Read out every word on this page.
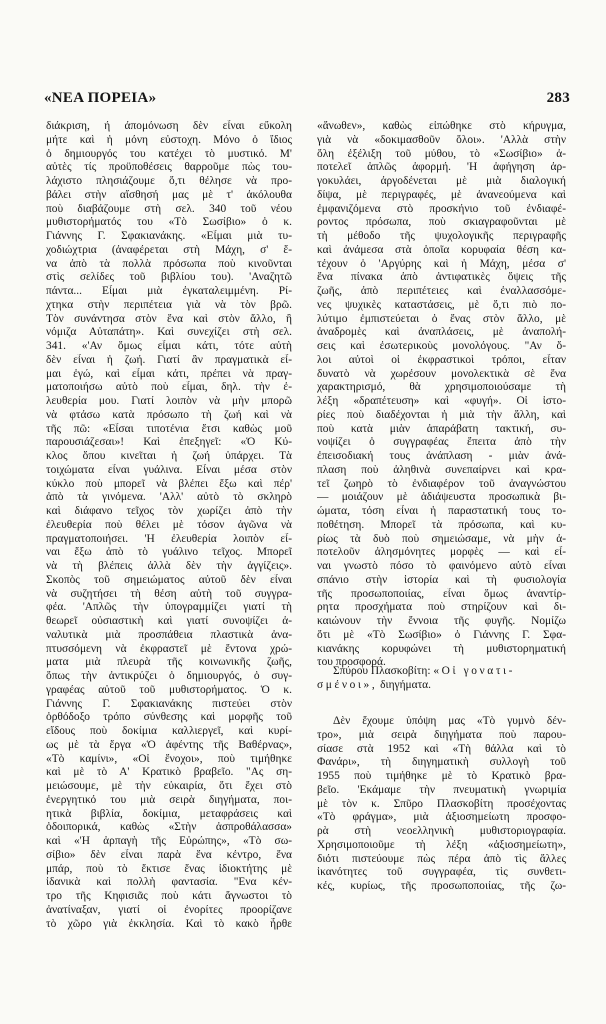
«ΝΕΑ ΠΟΡΕΙΑ»	283
διάκριση, ή άπομόνωση δὲν εἶναι εὔκολη
μήτε καὶ ἡ μόνη εὐστοχη. Μόνο ὁ ἴδιος
ὁ δημιουργός του κατέχει τὸ μυστικό. Μ'
αὐτὲς τίς προϋποθέσεις θαρροῦμε πὼς του-
λάχιστο πλησιάζουμε ὅ,τι θέλησε νὰ προ-
βάλει στὴν αἴσθησή μας μὲ τ' ἀκόλουθα
ποὺ διαβάζουμε στὴ σελ. 340 τοῦ νέου
μυθιστορήματός του «Τὸ Σωσίβιο» ὁ κ.
Γιάννης Γ. Σφακιανάκης. «Εἶμαι μιὰ τυ-
χοδιώχτρια (ἀναφέρεται στὴ Μάχη, σ' ἕ-
να ἀπὸ τὰ πολλὰ πρόσωπα ποὺ κινοῦνται
στὶς σελίδες τοῦ βιβλίου του). 'Αναζητῶ
πάντα... Εἶμαι μιὰ ἐγκαταλειμμένη. Ρί-
χτηκα στὴν περιπέτεια γιὰ νὰ τὸν βρῶ.
Τὸν συνάντησα στὸν ἕνα καὶ στὸν ἄλλο, ἢ
νόμιζα Αὐταπάτη». Καὶ συνεχίζει στὴ σελ.
341. «'Αν ὅμως εἶμαι κάτι, τότε αὐτὴ
δὲν εἶναι ἡ ζωή. Γιατί ἂν πραγματικὰ εἶ-
μαι ἐγώ, καὶ εἶμαι κάτι, πρέπει νὰ πραγ-
ματοποιήσω αὐτὸ ποὺ εἶμαι, δηλ. τὴν ἐ-
λευθερία μου. Γιατί λοιπὸν νὰ μὴν μπορῶ
νὰ φτάσω κατὰ πρόσωπο τὴ ζωή καὶ νὰ
τῆς πῶ: «Εἶσαι τιποτένια ἔτσι καθὼς μοῦ
παρουσιάζεσαι»! Καὶ ἐπεξηγεῖ: «Ὁ Κύ-
κλος ὅπου κινεῖται ἡ ζωή ὑπάρχει. Τὰ
τοιχώματα εἶναι γυάλινα. Εἶναι μέσα στὸν
κύκλο ποὺ μπορεῖ νὰ βλέπει ἔξω καὶ πέρ'
ἀπὸ τὰ γινόμενα. 'Αλλ' αὐτὸ τὸ σκληρὸ
καὶ διάφανο τεῖχος τὸν χωρίζει ἀπὸ τὴν
ἐλευθερία ποὺ θέλει μὲ τόσον ἀγῶνα νὰ
πραγματοποιήσει. 'Η ἐλευθερία λοιπὸν εἶ-
ναι ἔξω ἀπὸ τὸ γυάλινο τεῖχος. Μπορεῖ
νὰ τὴ βλέπεις ἀλλὰ δὲν τὴν ἀγγίζεις».
Σκοπὸς τοῦ σημειώματος αὐτοῦ δὲν εἶναι
νὰ συζητήσει τὴ θέση αὐτὴ τοῦ συγγρα-
φέα. 'Απλῶς τὴν ὑπογραμμίζει γιατί τὴ
θεωρεῖ οὐσιαστικὴ καὶ γιατί συνοψίζει ἀ-
ναλυτικὰ μιὰ προσπάθεια πλαστικὰ ἀνα-
πτυσσόμενη νὰ ἐκφραστεῖ μὲ ἔντονα χρώ-
ματα μιὰ πλευρὰ τῆς κοινωνικῆς ζωῆς,
ὅπως τὴν ἀντικρύζει ὁ δημιουργός, ὁ συγ-
γραφέας αὐτοῦ τοῦ μυθιστορήματος. Ὁ κ.
Γιάννης Γ. Σφακιανάκης πιστεύει στὸν
ὀρθόδοξο τρόπο σύνθεσης καὶ μορφῆς τοῦ
εἴδους ποὺ δοκίμια καλλιεργεῖ, καὶ κυρί-
ως μὲ τὰ ἔργα «Ὁ ἀφέντης τῆς Βαθέρνας»,
«Τὸ καμίνι», «Οἱ ἔνοχοι», ποὺ τιμήθηκε
καὶ μὲ τὸ Α' Κρατικὸ βραβεῖο. "Ας ση-
μειώσουμε, μὲ τὴν εὐκαιρία, ὅτι ἔχει στὸ
ἐνεργητικό του μιὰ σειρὰ διηγήματα, ποι-
ητικὰ βιβλία, δοκίμια, μεταφράσεις καὶ
ὁδοιπορικά, καθὼς «Στὴν ἀσπροθάλασσα»
καὶ «'Η ἁρπαγὴ τῆς Εὐρώπης», «Τὸ σω-
σίβιο» δὲν εἶναι παρὰ ἕνα κέντρο, ἕνα
μπάρ, ποὺ τὸ ἔκτισε ἕνας ἰδιοκτήτης μὲ
ἰδανικὰ καὶ πολλὴ φαντασία. "Ενα κέν-
τρο τῆς Κηφισιᾶς ποὺ κάτι ἄγνωστοι τὸ
ἀνατίναξαν, γιατί οἱ ἐνορίτες προορίζανε
τὸ χῶρο γιὰ ἐκκλησία. Καὶ τὸ κακὸ ἦρθε
«ἄνωθεν», καθὼς εἰπώθηκε στὸ κήρυγμα,
γιὰ νὰ «δοκιμασθοῦν ὅλοι». 'Αλλὰ στὴν
ὅλη ἐξέλιξη τοῦ μύθου, τὸ «Σωσίβιο» ἀ-
ποτελεῖ ἁπλῶς ἀφορμή. 'Η ἀφήγηση ἀρ-
γοκυλάει, ἀργοδένεται μὲ μιὰ διαλογική
δίψα, μὲ περιγραφές, μὲ ἀνανεούμενα καὶ
ἐμφανιζόμενα στὸ προσκήνιο τοῦ ἐνδιαφέ-
ροντος πρόσωπα, ποὺ σκιαγραφοῦνται μὲ
τὴ μέθοδο τῆς ψυχολογικῆς περιγραφῆς
καὶ ἀνάμεσα στὰ ὁποῖα κορυφαία θέση κα-
τέχουν ὁ 'Αργύρης καὶ ἡ Μάχη, μέσα σ'
ἕνα πίνακα ἀπὸ ἀντιφατικὲς ὄψεις τῆς
ζωῆς, ἀπὸ περιπέτειες καὶ ἐναλλασσόμε-
νες ψυχικὲς καταστάσεις, μὲ ὅ,τι πιὸ πο-
λύτιμο ἐμπιστεύεται ὁ ἕνας στὸν ἄλλο, μὲ
ἀναδρομὲς καὶ ἀναπλάσεις, μὲ ἀναπολή-
σεις καὶ ἐσωτερικοὺς μονολόγους. "Αν ὅ-
λοι αὐτοὶ οἱ ἐκφραστικοὶ τρόποι, εἶταν
δυνατὸ νὰ χωρέσουν μονολεκτικὰ σὲ ἕνα
χαρακτηρισμό, θὰ χρησιμοποιούσαμε τὴ
λέξη «δραπέτευση» καὶ «φυγή». Οἱ ἱστο-
ρίες ποὺ διαδέχονται ἡ μιὰ τὴν ἄλλη, καὶ
ποὺ κατὰ μιὰν ἀπαράβατη τακτική, συ-
νοψίζει ὁ συγγραφέας ἔπειτα ἀπὸ τὴν
ἐπεισοδιακή τους ἀνάπλαση - μιὰν ἀνά-
πλαση ποὺ ἀληθινὰ συνεπαίρνει καὶ κρα-
τεῖ ζωηρὸ τὸ ἐνδιαφέρον τοῦ ἀναγνώστου
— μοιάζουν μὲ ἀδιάψευστα προσωπικὰ βι-
ώματα, τόση εἶναι ἡ παραστατική τους το-
ποθέτηση. Μπορεῖ τὰ πρόσωπα, καὶ κυ-
ρίως τὰ δυὸ ποὺ σημειώσαμε, νὰ μὴν ἀ-
ποτελοῦν ἀλησμόνητες μορφὲς — καὶ εἶ-
ναι γνωστὸ πόσο τὸ φαινόμενο αὐτὸ εἶναι
σπάνιο στὴν ἱστορία καὶ τὴ φυσιολογία
τῆς προσωποποιίας, εἶναι ὅμως ἀναντίρ-
ρητα προσχήματα ποὺ στηρίζουν καὶ δι-
καιώνουν τὴν ἔννοια τῆς φυγῆς. Νομίζω
ὅτι μὲ «Τὸ Σωσίβιο» ὁ Γιάννης Γ. Σφα-
κιανάκης κορυφώνει τὴ μυθιστορηματική
του προσφορά.
Σπύρου Πλασκοβίτη: «Οἱ γονατι-
σμένοι», διηγήματα.
Δὲν ἔχουμε ὑπόψη μας «Τὸ γυμνὸ δέν-
τρο», μιὰ σειρὰ διηγήματα ποὺ παρου-
σίασε στὰ 1952 καὶ «Τὴ θάλλα καὶ τὸ
Φανάρι», τὴ διηγηματικὴ συλλογὴ τοῦ
1955 ποὺ τιμήθηκε μὲ τὸ Κρατικὸ βρα-
βεῖο. 'Εκάμαμε τὴν πνευματικὴ γνωριμία
μὲ τὸν κ. Σπῦρο Πλασκοβίτη προσέχοντας
«Τὸ φράγμα», μιὰ ἀξιοσημείωτη προσφο-
ρὰ στὴ νεοελληνικὴ μυθιστοριογραφία.
Χρησιμοποιοῦμε τὴ λέξη «ἀξιοσημείωτη»,
διότι πιστεύουμε πὼς πέρα ἀπὸ τὶς ἄλλες
ἱκανότητες τοῦ συγγραφέα, τὶς συνθετι-
κές, κυρίως, τῆς προσωποποιίας, τῆς ζω-
